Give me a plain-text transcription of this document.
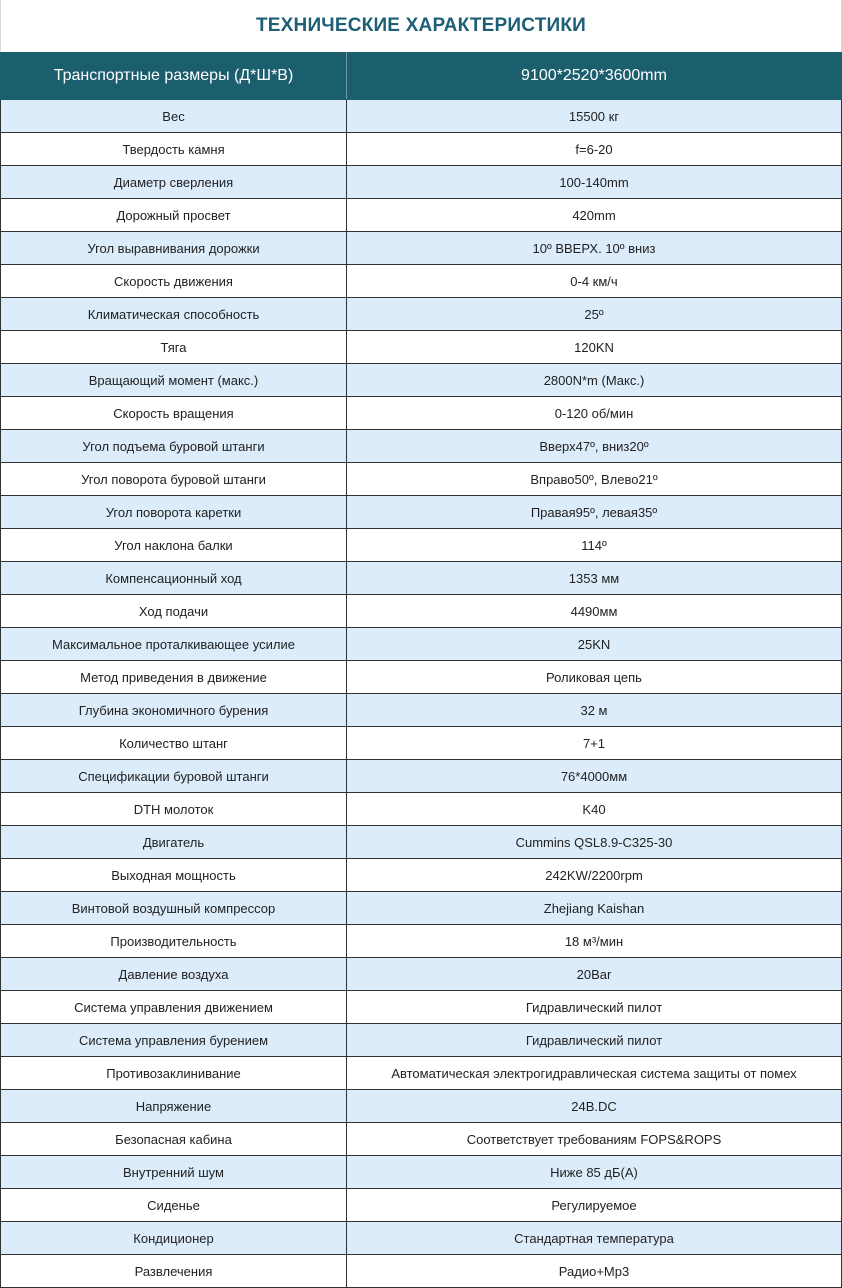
ТЕХНИЧЕСКИЕ ХАРАКТЕРИСТИКИ
Транспортные размеры (Д*Ш*В)	9100*2520*3600mm
Вес	15500 кг
Твердость камня	f=6-20
Диаметр сверления	100-140mm
Дорожный просвет	420mm
Угол выравнивания дорожки	10º ВВЕРХ. 10º вниз
Скорость движения	0-4 км/ч
Климатическая способность	25º
Тяга	120KN
Вращающий момент (макс.)	2800N*m (Макс.)
Скорость вращения	0-120 об/мин
Угол подъема буровой штанги	Вверх47º, вниз20º
Угол поворота буровой штанги	Вправо50º, Влево21º
Угол поворота каретки	Правая95º, левая35º
Угол наклона балки	114º
Компенсационный ход	1353 мм
Ход подачи	4490мм
Максимальное проталкивающее усилие	25KN
Метод приведения в движение	Роликовая цепь
Глубина экономичного бурения	32 м
Количество штанг	7+1
Спецификации буровой штанги	76*4000мм
DTH молоток	K40
Двигатель	Cummins QSL8.9-C325-30
Выходная мощность	242KW/2200rpm
Винтовой воздушный компрессор	Zhejiang Kaishan
Производительность	18 м³/мин
Давление воздуха	20Bar
Система управления движением	Гидравлический пилот
Система управления бурением	Гидравлический пилот
Противозаклинивание	Автоматическая электрогидравлическая система защиты от помех
Напряжение	24В.DC
Безопасная кабина	Соответствует требованиям FOPS&ROPS
Внутренний шум	Ниже 85 дБ(А)
Сиденье	Регулируемое
Кондиционер	Стандартная температура
Развлечения	Радио+Mp3
